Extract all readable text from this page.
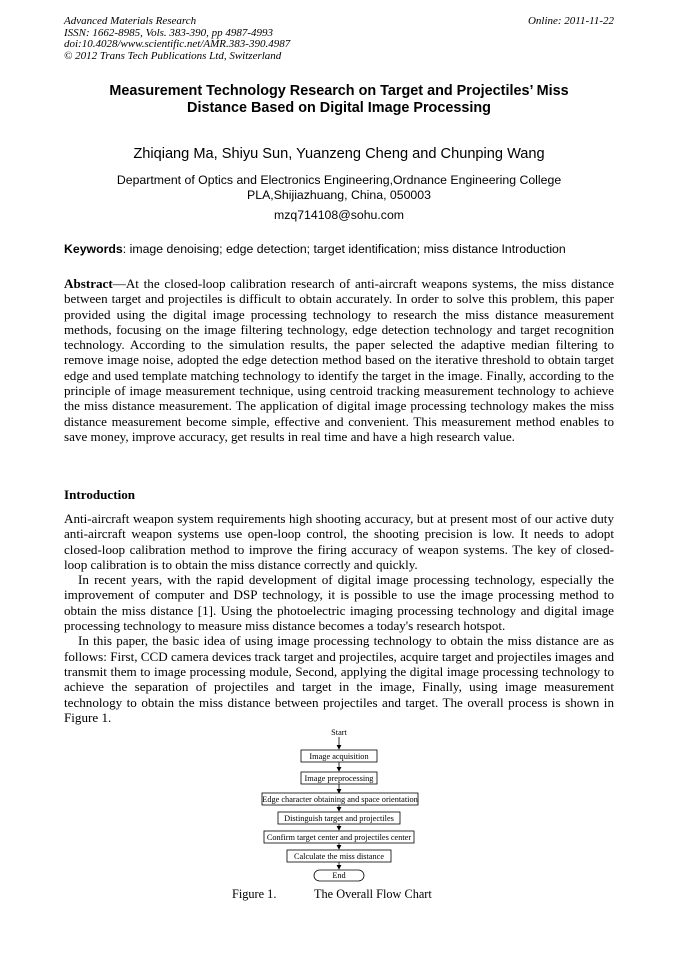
Advanced Materials Research
ISSN: 1662-8985, Vols. 383-390, pp 4987-4993
doi:10.4028/www.scientific.net/AMR.383-390.4987
© 2012 Trans Tech Publications Ltd, Switzerland
Online: 2011-11-22
Measurement Technology Research on Target and Projectiles’ Miss
Distance Based on Digital Image Processing
Zhiqiang Ma, Shiyu Sun, Yuanzeng Cheng and Chunping Wang
Department of Optics and Electronics Engineering,Ordnance Engineering College
PLA,Shijiazhuang, China, 050003
mzq714108@sohu.com
Keywords: image denoising; edge detection; target identification; miss distance Introduction
Abstract—At the closed-loop calibration research of anti-aircraft weapons systems, the miss distance between target and projectiles is difficult to obtain accurately. In order to solve this problem, this paper provided using the digital image processing technology to research the miss distance measurement methods, focusing on the image filtering technology, edge detection technology and target recognition technology. According to the simulation results, the paper selected the adaptive median filtering to remove image noise, adopted the edge detection method based on the iterative threshold to obtain target edge and used template matching technology to identify the target in the image. Finally, according to the principle of image measurement technique, using centroid tracking measurement technology to achieve the miss distance measurement. The application of digital image processing technology makes the miss distance measurement become simple, effective and convenient. This measurement method enables to save money, improve accuracy, get results in real time and have a high research value.
Introduction

Anti-aircraft weapon system requirements high shooting accuracy, but at present most of our active duty anti-aircraft weapon systems use open-loop control, the shooting precision is low. It needs to adopt closed-loop calibration method to improve the firing accuracy of weapon systems. The key of closed-loop calibration is to obtain the miss distance correctly and quickly.

In recent years, with the rapid development of digital image processing technology, especially the improvement of computer and DSP technology, it is possible to use the image processing method to obtain the miss distance [1]. Using the photoelectric imaging processing technology and digital image processing technology to measure miss distance becomes a today's research hotspot.

In this paper, the basic idea of using image processing technology to obtain the miss distance are as follows: First, CCD camera devices track target and projectiles, acquire target and projectiles images and transmit them to image processing module, Second, applying the digital image processing technology to achieve the separation of projectiles and target in the image, Finally, using image measurement technology to obtain the miss distance between projectiles and target. The overall process is shown in Figure 1.

Start
Image acquisition
Image preprocessing
Edge character obtaining and space orientation
Distinguish target and projectiles
Confirm target center and projectiles center
Calculate the miss distance
End
Figure 1.	The Overall Flow Chart
